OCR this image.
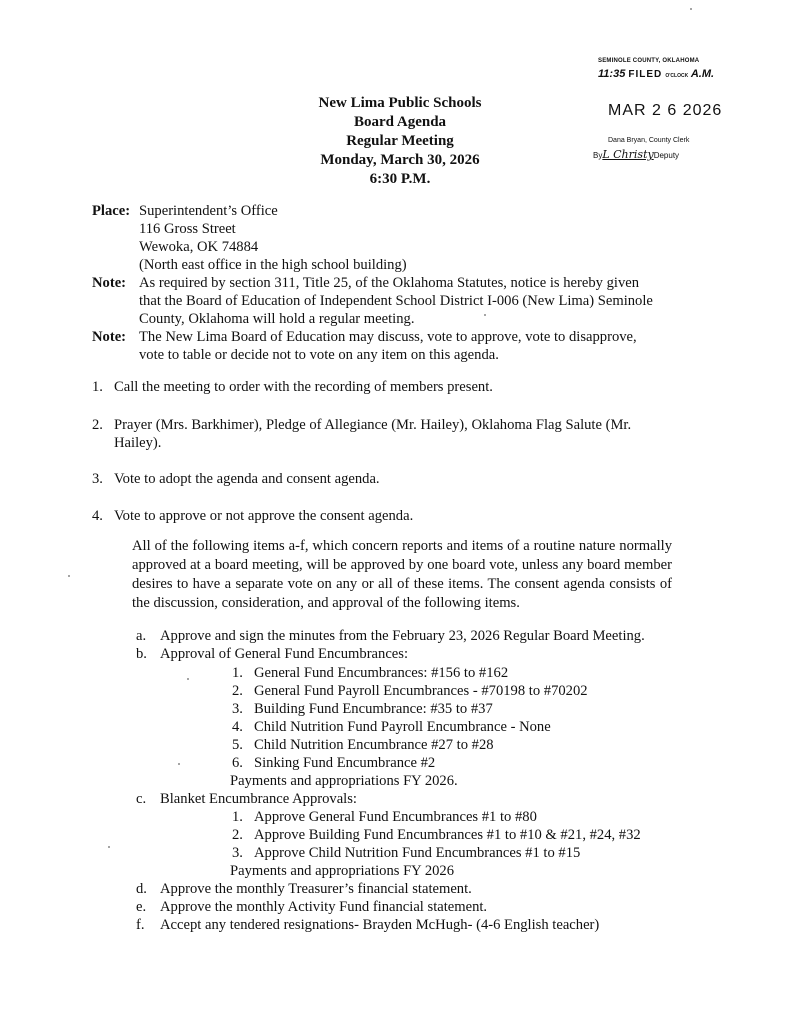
New Lima Public Schools
Board Agenda
Regular Meeting
Monday, March 30, 2026
6:30 P.M.
SEMINOLE COUNTY, OKLAHOMA
11:35 FILED O'CLOCK A.M.
MAR 2 6 2026
Dana Bryan, County Clerk
ByL ChristyDeputy
Place: Superintendent’s Office
116 Gross Street
Wewoka, OK 74884
(North east office in the high school building)
Note: As required by section 311, Title 25, of the Oklahoma Statutes, notice is hereby given
that the Board of Education of Independent School District I-006 (New Lima) Seminole
County, Oklahoma will hold a regular meeting.
Note: The New Lima Board of Education may discuss, vote to approve, vote to disapprove,
vote to table or decide not to vote on any item on this agenda.
1. Call the meeting to order with the recording of members present.
2. Prayer (Mrs. Barkhimer), Pledge of Allegiance (Mr. Hailey), Oklahoma Flag Salute (Mr.
Hailey).
3. Vote to adopt the agenda and consent agenda.
4. Vote to approve or not approve the consent agenda.
All of the following items a-f, which concern reports and items of a routine nature normally approved at a board meeting, will be approved by one board vote, unless any board member desires to have a separate vote on any or all of these items. The consent agenda consists of the discussion, consideration, and approval of the following items.
a. Approve and sign the minutes from the February 23, 2026 Regular Board Meeting.
b. Approval of General Fund Encumbrances:
1. General Fund Encumbrances: #156 to #162
2. General Fund Payroll Encumbrances - #70198 to #70202
3. Building Fund Encumbrance: #35 to #37
4. Child Nutrition Fund Payroll Encumbrance - None
5. Child Nutrition Encumbrance #27 to #28
6. Sinking Fund Encumbrance #2
Payments and appropriations FY 2026.
c. Blanket Encumbrance Approvals:
1. Approve General Fund Encumbrances #1 to #80
2. Approve Building Fund Encumbrances #1 to #10 & #21, #24, #32
3. Approve Child Nutrition Fund Encumbrances #1 to #15
Payments and appropriations FY 2026
d. Approve the monthly Treasurer’s financial statement.
e. Approve the monthly Activity Fund financial statement.
f. Accept any tendered resignations- Brayden McHugh- (4-6 English teacher)
